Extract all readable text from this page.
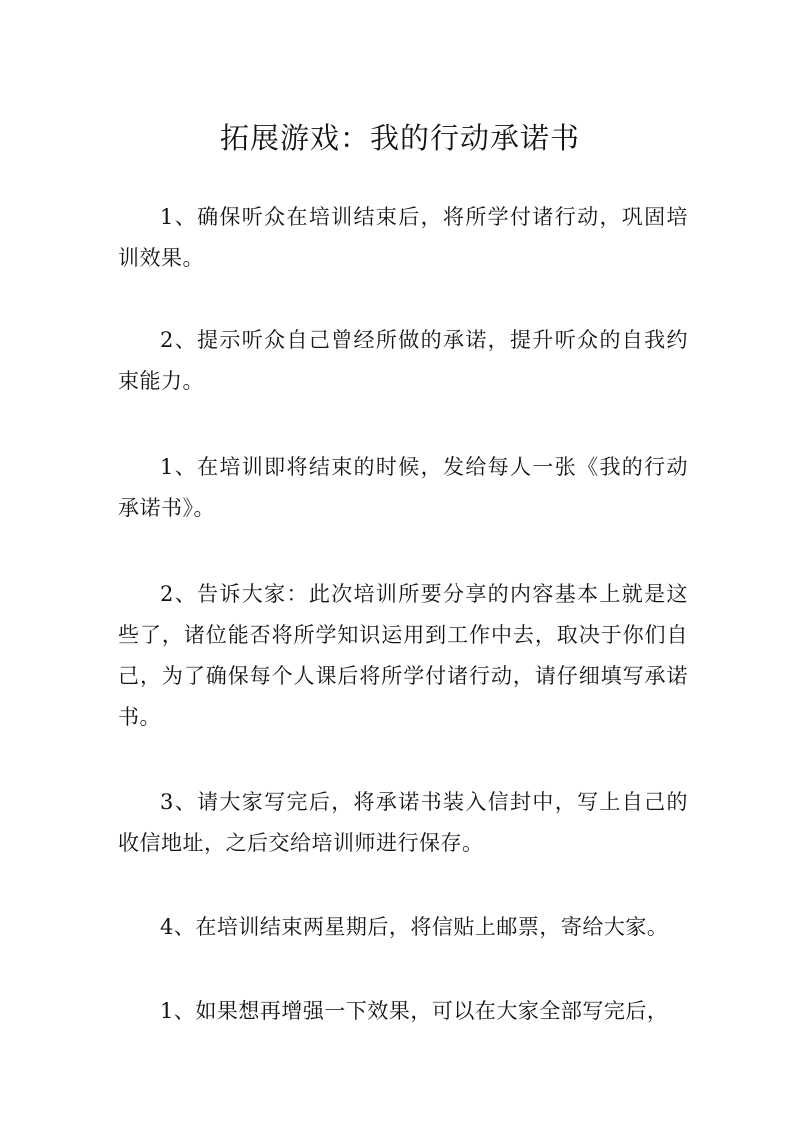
拓展游戏：我的行动承诺书

1、确保听众在培训结束后，将所学付诸行动，巩固培训效果。

2、提示听众自己曾经所做的承诺，提升听众的自我约束能力。

1、在培训即将结束的时候，发给每人一张《我的行动承诺书》。

2、告诉大家：此次培训所要分享的内容基本上就是这些了，诸位能否将所学知识运用到工作中去，取决于你们自己，为了确保每个人课后将所学付诸行动，请仔细填写承诺书。

3、请大家写完后，将承诺书装入信封中，写上自己的收信地址，之后交给培训师进行保存。

4、在培训结束两星期后，将信贴上邮票，寄给大家。

1、如果想再增强一下效果，可以在大家全部写完后，
